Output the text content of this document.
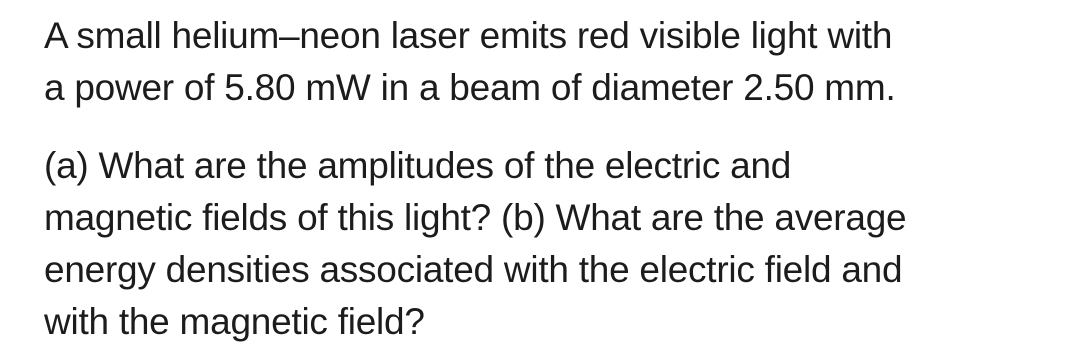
A small helium–neon laser emits red visible light with
a power of 5.80 mW in a beam of diameter 2.50 mm.

(a) What are the amplitudes of the electric and
magnetic fields of this light? (b) What are the average
energy densities associated with the electric field and
with the magnetic field?
